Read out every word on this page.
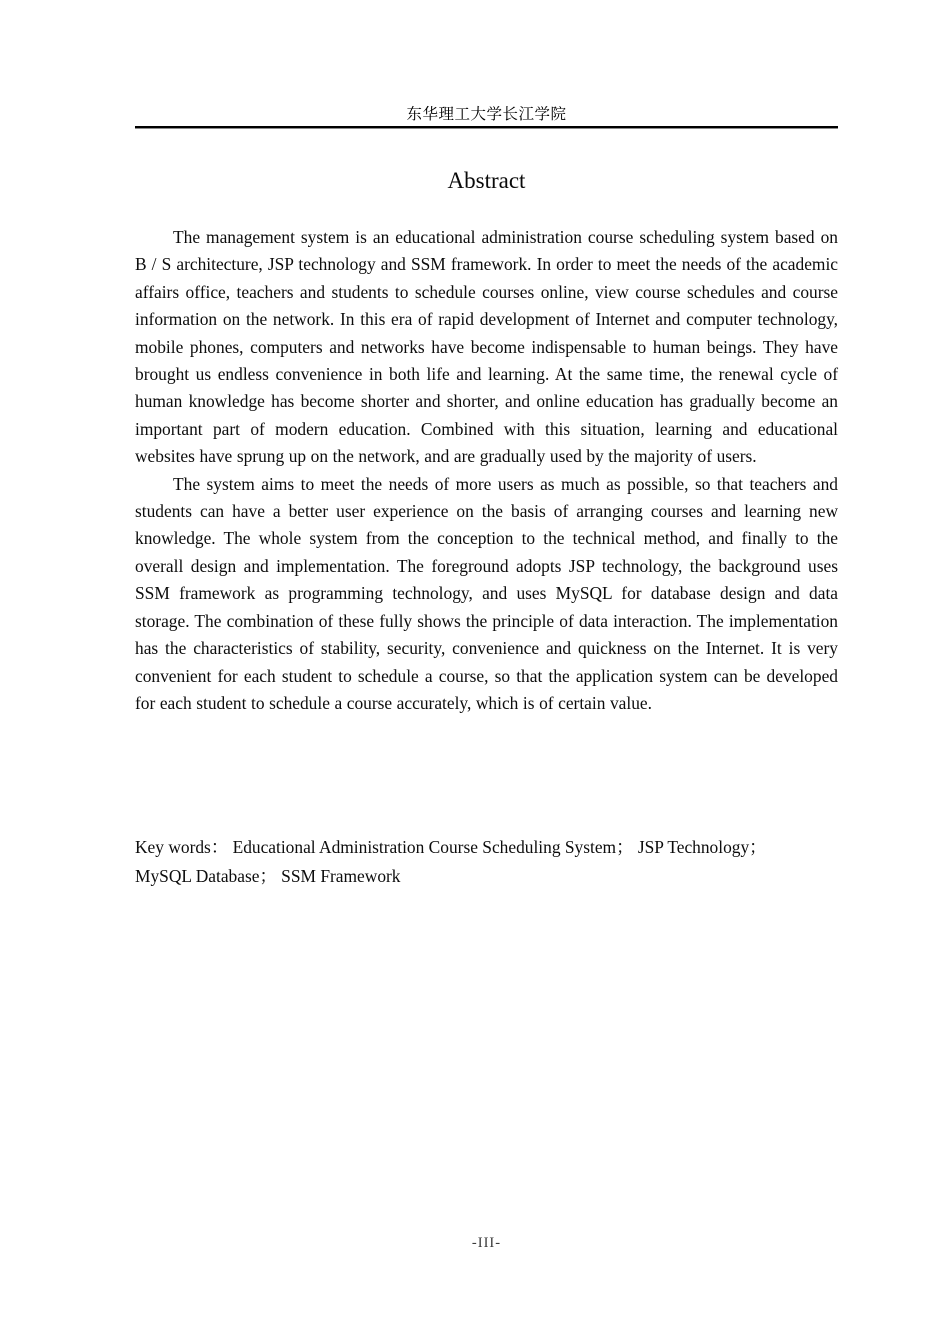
东华理工大学长江学院
Abstract

The management system is an educational administration course scheduling system based on B / S architecture, JSP technology and SSM framework. In order to meet the needs of the academic affairs office, teachers and students to schedule courses online, view course schedules and course information on the network. In this era of rapid development of Internet and computer technology, mobile phones, computers and networks have become indispensable to human beings. They have brought us endless convenience in both life and learning. At the same time, the renewal cycle of human knowledge has become shorter and shorter, and online education has gradually become an important part of modern education. Combined with this situation, learning and educational websites have sprung up on the network, and are gradually used by the majority of users.

The system aims to meet the needs of more users as much as possible, so that teachers and students can have a better user experience on the basis of arranging courses and learning new knowledge. The whole system from the conception to the technical method, and finally to the overall design and implementation. The foreground adopts JSP technology, the background uses SSM framework as programming technology, and uses MySQL for database design and data storage. The combination of these fully shows the principle of data interaction. The implementation has the characteristics of stability, security, convenience and quickness on the Internet. It is very convenient for each student to schedule a course, so that the application system can be developed for each student to schedule a course accurately, which is of certain value.

Key words： Educational Administration Course Scheduling System； JSP Technology；
MySQL Database； SSM Framework
-III-
